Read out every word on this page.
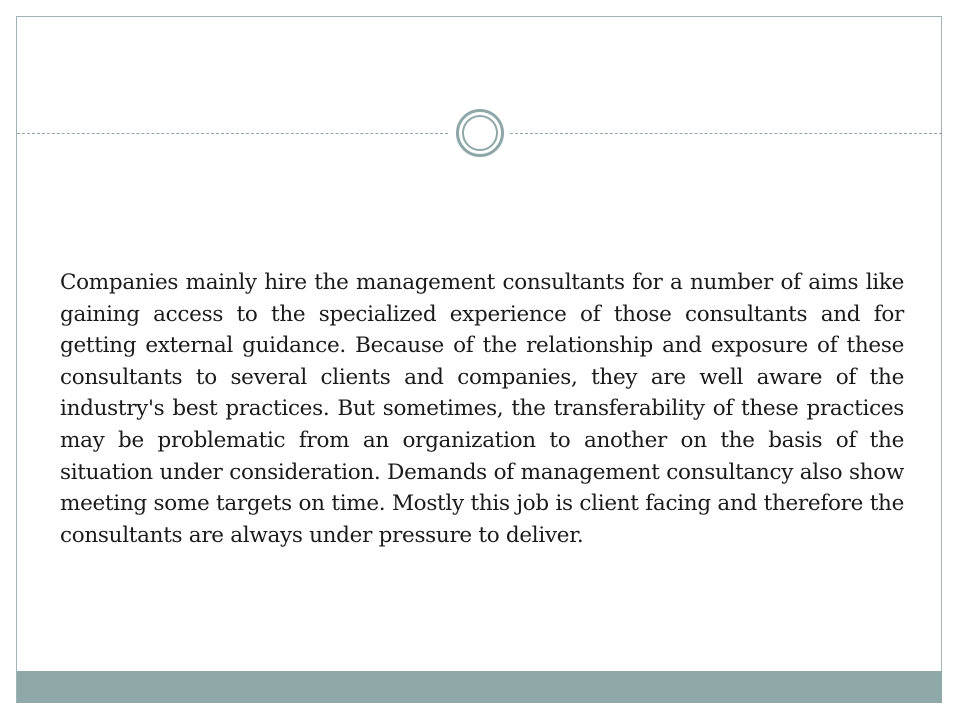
Companies mainly hire the management consultants for a number of aims like gaining access to the specialized experience of those consultants and for getting external guidance. Because of the relationship and exposure of these consultants to several clients and companies, they are well aware of the industry's best practices. But sometimes, the transferability of these practices may be problematic from an organization to another on the basis of the situation under consideration. Demands of management consultancy also show meeting some targets on time. Mostly this job is client facing and therefore the consultants are always under pressure to deliver.
